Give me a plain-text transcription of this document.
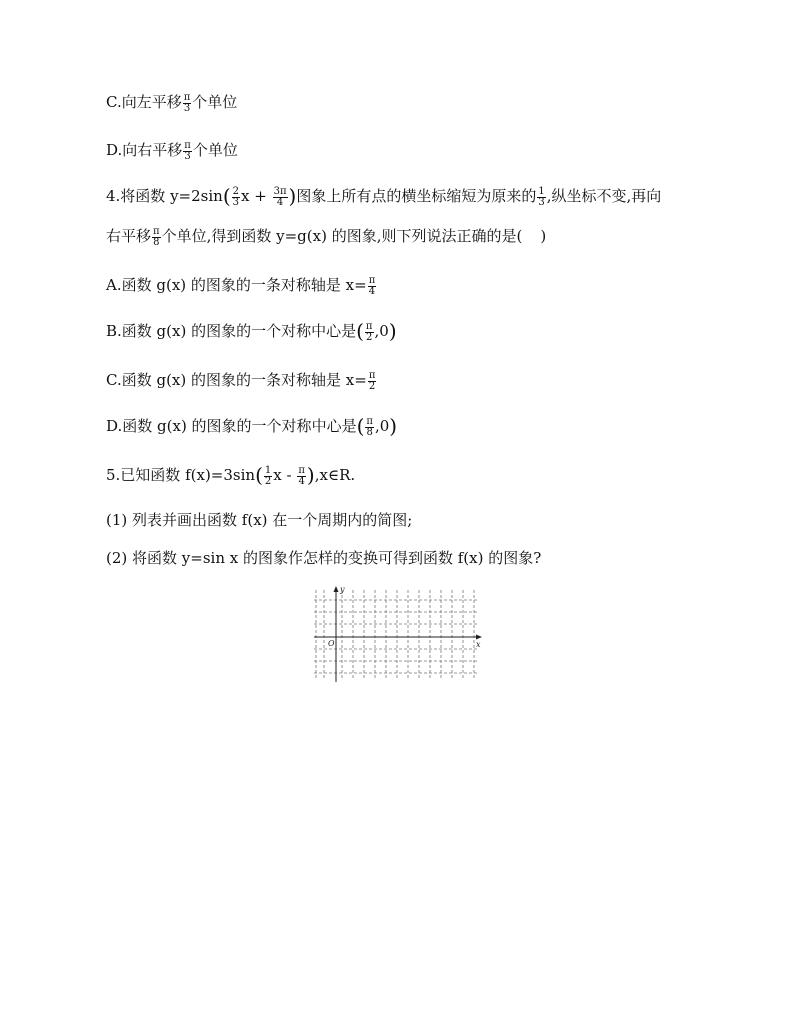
C.向左平移 $\frac{\pi}{3}$ 个单位
D.向右平移 $\frac{\pi}{3}$ 个单位
4.将函数 $y=2\sin( \frac{2}{3}$ $x + \frac{3\pi}{4}$ )图象上所有点的横坐标缩短为原来的 $\frac{1}{3}$ ,纵坐标不变,再向
右平移 $\frac{\pi}{8}$ 个单位,得到函数 y=g(x) 的图象,则下列说法正确的是( )
A.函数 g(x) 的图象的一条对称轴是 $x= \frac{\pi}{4}$
B.函数 g(x) 的图象的一个对称中心是( $\frac{\pi}{2} ,0$)
C.函数 g(x) 的图象的一条对称轴是 $x= \frac{\pi}{2}$
D.函数 g(x) 的图象的一个对称中心是( $\frac{\pi}{8} ,0$)
5.已知函数 $f(x)=3\sin( \frac{1}{2}$ x - $\frac{\pi}{4}$ ),x∈R.
(1) 列表并画出函数 f(x) 在一个周期内的简图;
(2) 将函数 y=sin x 的图象作怎样的变换可得到函数 f(x) 的图象?
y
x
O
